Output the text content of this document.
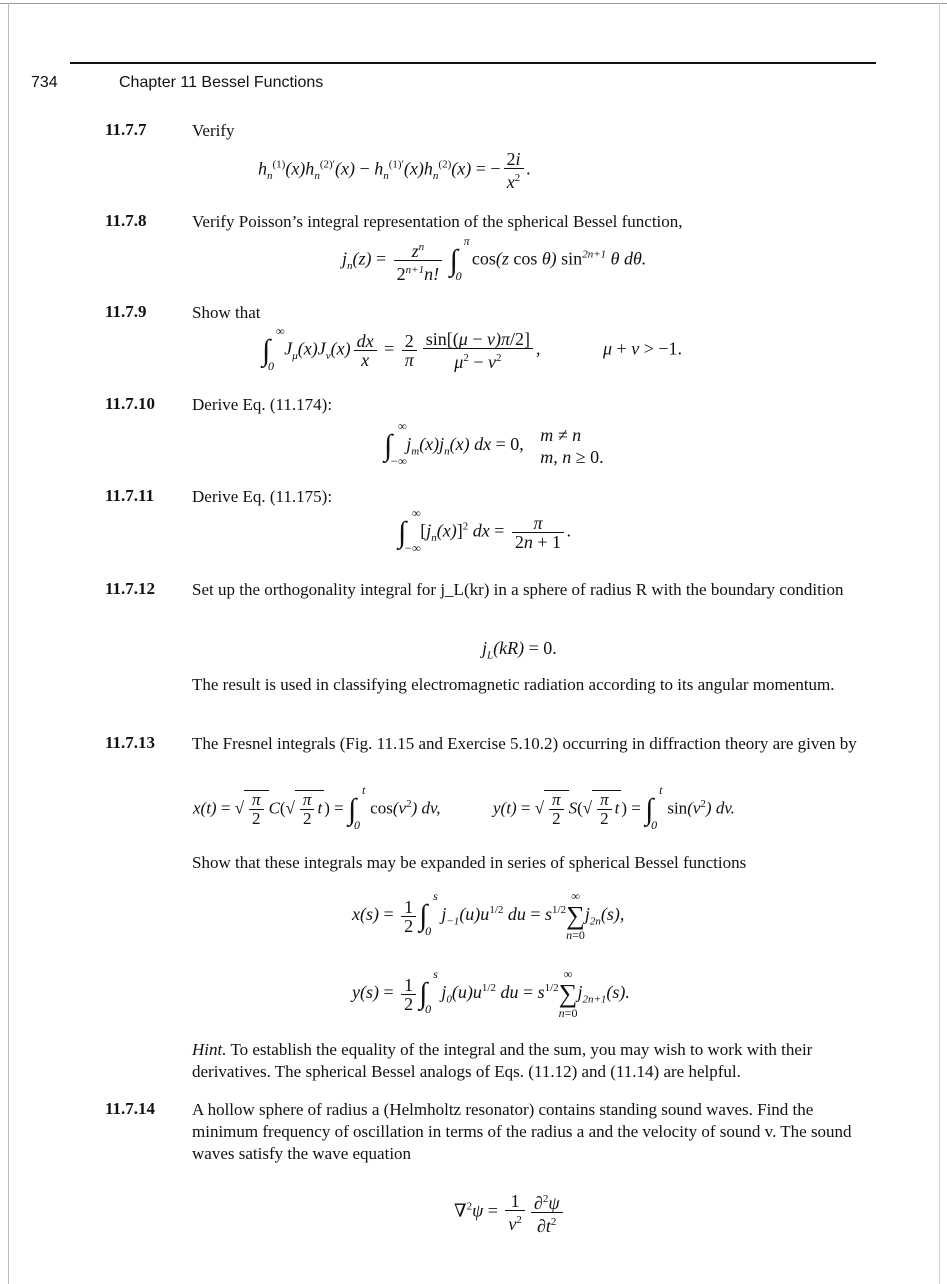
734	Chapter 11 Bessel Functions
11.7.7	Verify
$h_n^{(1)}(x)h_n^{(2)'}(x) - h_n^{(1)'}(x)h_n^{(2)}(x)$ = − $\frac{2i}{x^2}$ .
11.7.8	Verify Poisson’s integral representation of the spherical Bessel function,
$j_n(z) = \frac{z^n}{2^{n+1}n!}$ ∫
π
0
cos(z cos θ) $\sin^{2n+1} \theta$ dθ.
11.7.9	Show that
∫
∞
0
$J_\mu(x)J_\nu(x) \frac{dx}{x} = \frac{2}{\pi} \frac{\sin[(\mu - \nu)\pi/2]}{\mu^2 - \nu^2}$ ,	μ + ν > −1.
11.7.10 Derive Eq. (11.174):
∫
∞
−∞
$j_m(x)j_n(x)$ dx = 0, m ≠ n
m, n ≥ 0.
11.7.11 Derive Eq. (11.175):
∫
∞
−∞
$[j_n(x)]^2$ dx = $\frac{\pi}{2n + 1}$ .
11.7.12 Set up the orthogonality integral for j_L(kr) in a sphere of radius R with the boundary condition
$j_L(kR) = 0$.
The result is used in classifying electromagnetic radiation according to its angular momentum.
11.7.13 The Fresnel integrals (Fig. 11.15 and Exercise 5.10.2) occurring in diffraction theory are given by
x(t) = √ $\frac{\pi}{2} C(√ \frac{\pi}{2}$ t ) = ∫
t
0
$\cos(v^2)$ dv,	y(t) = √ $\frac{\pi}{2} S(√ \frac{\pi}{2}$ t ) = ∫
t
0
$\sin(v^2)$ dv.
Show that these integrals may be expanded in series of spherical Bessel functions
$x(s) = \frac{1}{2}$ ∫
s
0
$j_{-1}(u)u^{1/2}$ du = $s^{1/2}$
∞
∑
n=0
$j_{2n}(s)$,
$y(s) = \frac{1}{2}$ ∫
s
0
$j_0(u)u^{1/2}$ du = $s^{1/2}$
∞
∑
n=0
$j_{2n+1}(s)$.
Hint. To establish the equality of the integral and the sum, you may wish to work with their derivatives. The spherical Bessel analogs of Eqs. (11.12) and (11.14) are helpful.
11.7.14 A hollow sphere of radius a (Helmholtz resonator) contains standing sound waves. Find the minimum frequency of oscillation in terms of the radius a and the velocity of sound v. The sound waves satisfy the wave equation
$\nabla^2\psi = \frac{1}{v^2} \frac{\partial^2\psi}{\partial t^2}$
